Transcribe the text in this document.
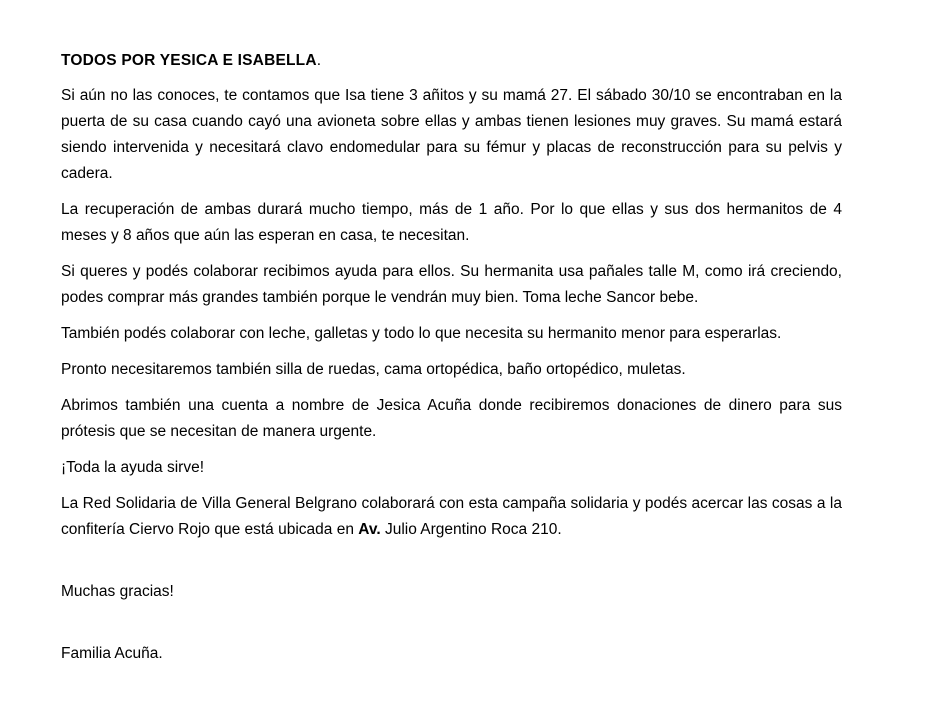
TODOS POR YESICA E ISABELLA.

Si aún no las conoces, te contamos que Isa tiene 3 añitos y su mamá 27. El sábado 30/10 se encontraban en la puerta de su casa cuando cayó una avioneta sobre ellas y ambas tienen lesiones muy graves. Su mamá estará siendo intervenida y necesitará clavo endomedular para su fémur y placas de reconstrucción para su pelvis y cadera.

La recuperación de ambas durará mucho tiempo, más de 1 año. Por lo que ellas y sus dos hermanitos de 4 meses y 8 años que aún las esperan en casa, te necesitan.

Si queres y podés colaborar recibimos ayuda para ellos. Su hermanita usa pañales talle M, como irá creciendo, podes comprar más grandes también porque le vendrán muy bien. Toma leche Sancor bebe.

También podés colaborar con leche, galletas y todo lo que necesita su hermanito menor para esperarlas.

Pronto necesitaremos también silla de ruedas, cama ortopédica, baño ortopédico, muletas.

Abrimos también una cuenta a nombre de Jesica Acuña donde recibiremos donaciones de dinero para sus prótesis que se necesitan de manera urgente.

¡Toda la ayuda sirve!

La Red Solidaria de Villa General Belgrano colaborará con esta campaña solidaria y podés acercar las cosas a la confitería Ciervo Rojo que está ubicada en Av. Julio Argentino Roca 210.

Muchas gracias!

Familia Acuña.
